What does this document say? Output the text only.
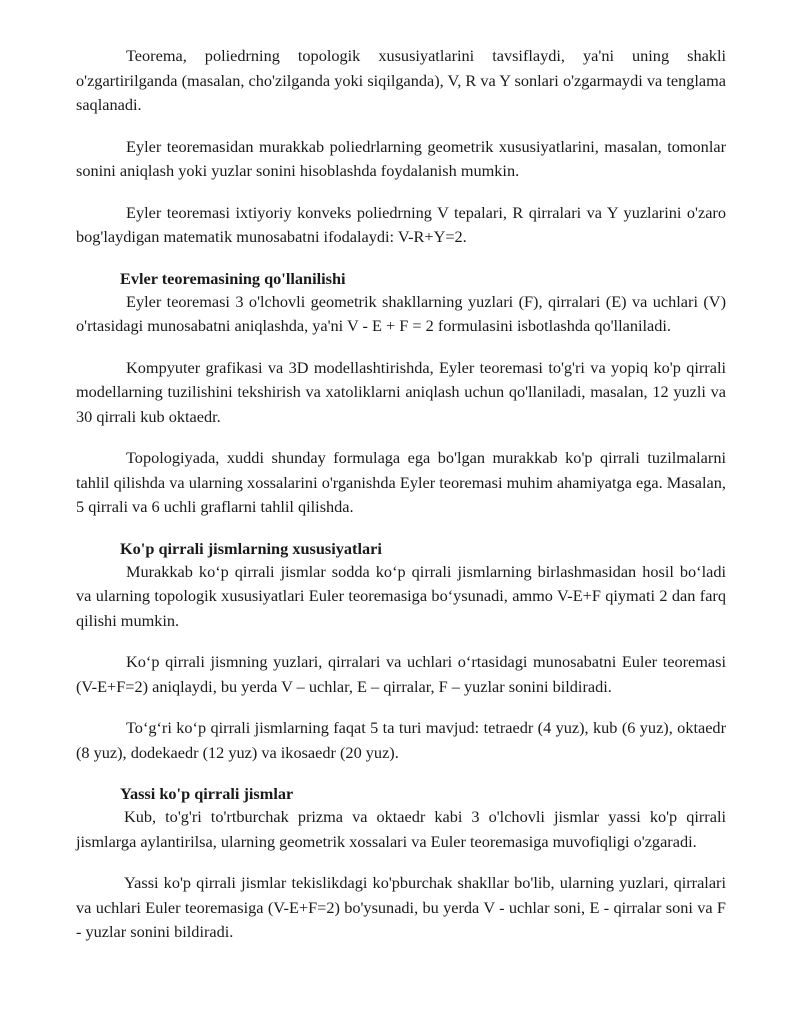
Teorema, poliedrning topologik xususiyatlarini tavsiflaydi, ya'ni uning shakli o'zgartirilganda (masalan, cho'zilganda yoki siqilganda), V, R va Y sonlari o'zgarmaydi va tenglama saqlanadi.

Eyler teoremasidan murakkab poliedrlarning geometrik xususiyatlarini, masalan, tomonlar sonini aniqlash yoki yuzlar sonini hisoblashda foydalanish mumkin.

Eyler teoremasi ixtiyoriy konveks poliedrning V tepalari, R qirralari va Y yuzlarini o'zaro bog'laydigan matematik munosabatni ifodalaydi: V-R+Y=2.

Evler teoremasining qo'llanilishi

Eyler teoremasi 3 o'lchovli geometrik shakllarning yuzlari (F), qirralari (E) va uchlari (V) o'rtasidagi munosabatni aniqlashda, ya'ni V - E + F = 2 formulasini isbotlashda qo'llaniladi.

Kompyuter grafikasi va 3D modellashtirishda, Eyler teoremasi to'g'ri va yopiq ko'p qirrali modellarning tuzilishini tekshirish va xatoliklarni aniqlash uchun qo'llaniladi, masalan, 12 yuzli va 30 qirrali kub oktaedr.

Topologiyada, xuddi shunday formulaga ega bo'lgan murakkab ko'p qirrali tuzilmalarni tahlil qilishda va ularning xossalarini o'rganishda Eyler teoremasi muhim ahamiyatga ega. Masalan, 5 qirrali va 6 uchli graflarni tahlil qilishda.

Ko'p qirrali jismlarning xususiyatlari

Murakkab ko‘p qirrali jismlar sodda ko‘p qirrali jismlarning birlashmasidan hosil bo‘ladi va ularning topologik xususiyatlari Euler teoremasiga bo‘ysunadi, ammo V-E+F qiymati 2 dan farq qilishi mumkin.

Ko‘p qirrali jismning yuzlari, qirralari va uchlari o‘rtasidagi munosabatni Euler teoremasi (V-E+F=2) aniqlaydi, bu yerda V – uchlar, E – qirralar, F – yuzlar sonini bildiradi.

To‘g‘ri ko‘p qirrali jismlarning faqat 5 ta turi mavjud: tetraedr (4 yuz), kub (6 yuz), oktaedr (8 yuz), dodekaedr (12 yuz) va ikosaedr (20 yuz).

Yassi ko'p qirrali jismlar

Kub, to'g'ri to'rtburchak prizma va oktaedr kabi 3 o'lchovli jismlar yassi ko'p qirrali jismlarga aylantirilsa, ularning geometrik xossalari va Euler teoremasiga muvofiqligi o'zgaradi.

Yassi ko'p qirrali jismlar tekislikdagi ko'pburchak shakllar bo'lib, ularning yuzlari, qirralari va uchlari Euler teoremasiga (V-E+F=2) bo'ysunadi, bu yerda V - uchlar soni, E - qirralar soni va F - yuzlar sonini bildiradi.
